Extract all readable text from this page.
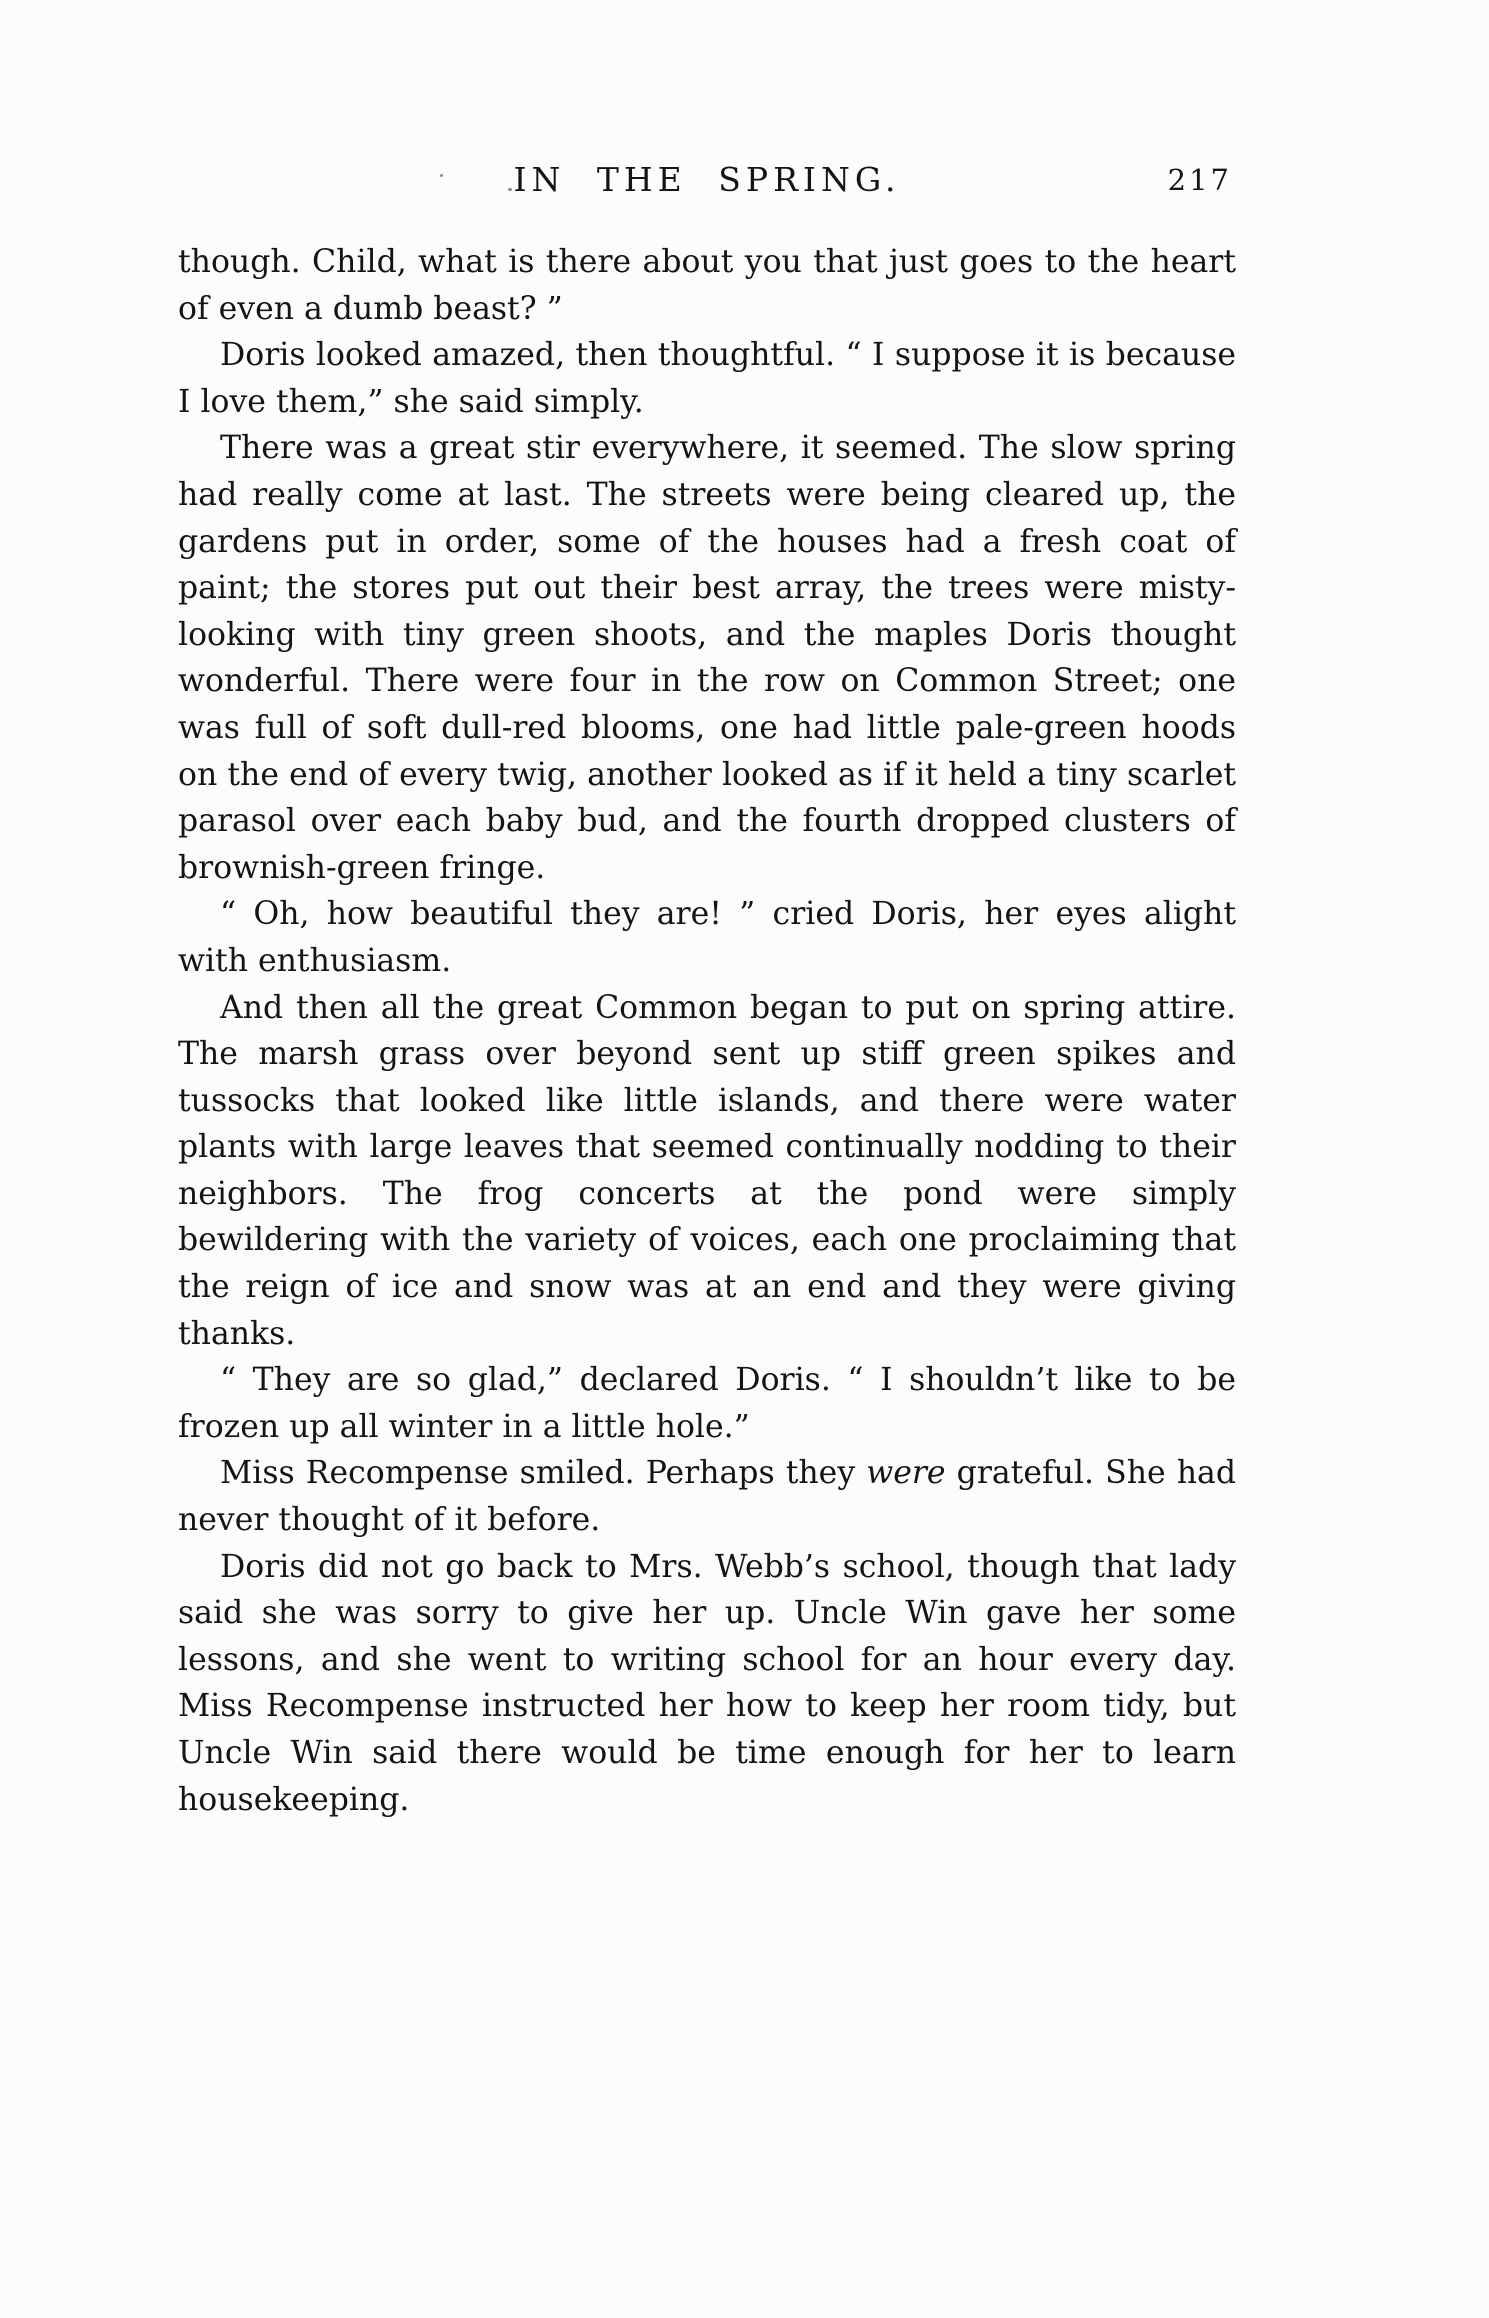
IN THE SPRING.	217

though. Child, what is there about you that just goes to the heart of even a dumb beast? ”

Doris looked amazed, then thoughtful. “ I suppose it is because I love them,” she said simply.

There was a great stir everywhere, it seemed. The slow spring had really come at last. The streets were being cleared up, the gardens put in order, some of the houses had a fresh coat of paint; the stores put out their best array, the trees were misty-looking with tiny green shoots, and the maples Doris thought wonderful. There were four in the row on Common Street; one was full of soft dull-red blooms, one had little pale-green hoods on the end of every twig, another looked as if it held a tiny scarlet parasol over each baby bud, and the fourth dropped clusters of brownish-green fringe.

“ Oh, how beautiful they are! ” cried Doris, her eyes alight with enthusiasm.

And then all the great Common began to put on spring attire. The marsh grass over beyond sent up stiff green spikes and tussocks that looked like little islands, and there were water plants with large leaves that seemed continually nodding to their neighbors. The frog concerts at the pond were simply bewildering with the variety of voices, each one proclaiming that the reign of ice and snow was at an end and they were giving thanks.

“ They are so glad,” declared Doris. “ I shouldn’t like to be frozen up all winter in a little hole.”

Miss Recompense smiled. Perhaps they were grateful. She had never thought of it before.

Doris did not go back to Mrs. Webb’s school, though that lady said she was sorry to give her up. Uncle Win gave her some lessons, and she went to writing school for an hour every day. Miss Recompense instructed her how to keep her room tidy, but Uncle Win said there would be time enough for her to learn housekeeping.
